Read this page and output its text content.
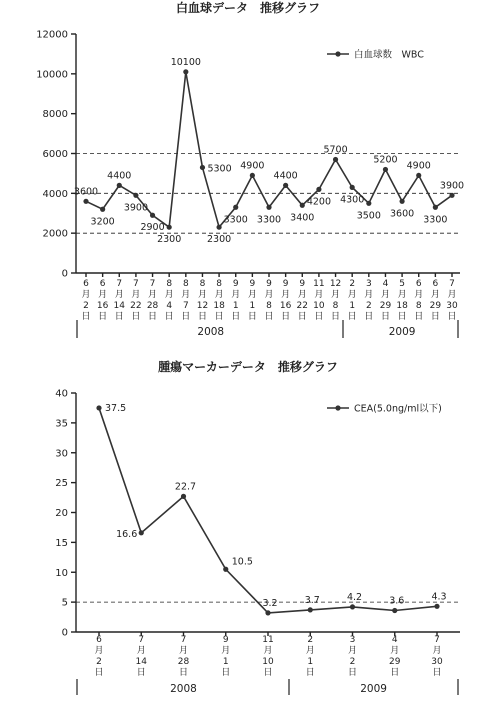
白血球データ　推移グラフ
0
2000
4000
6000
8000
10000
12000
6 月 2 日
6 月 16 日
7 月 14 日
7 月 22 日
7 月 28 日
8 月 4 日
8 月 7 日
8 月 12 日
8 月 18 日
9 月 1 日
9 月 1 日
9 月 8 日
9 月 16 日
9 月 22 日
11 月 10 日
12 月 8 日
2 月 1 日
3 月 2 日
4 月 29 日
5 月 18 日
6 月 8 日
6 月 29 日
7 月 30 日
2008	2009
3600
3200
4400
3900
2900
2300
10100
5300
2300
3300
4900
3300
4400
3400
4200
5700
4300
3500
5200
3600
4900
3300
3900
白血球数　WBC
腫瘍マーカーデータ　推移グラフ
0
5
10
15
20
25
30
35
40
6 月 2 日
7 月 14 日
7 月 28 日
9 月 1 日
11 月 10 日
2 月 1 日
3 月 2 日
4 月 29 日
7 月 30 日
2008	2009
37.5
16.6
22.7
10.5
3.2	3.7	4.2	3.6	4.3
CEA(5.0ng/ml以下)
